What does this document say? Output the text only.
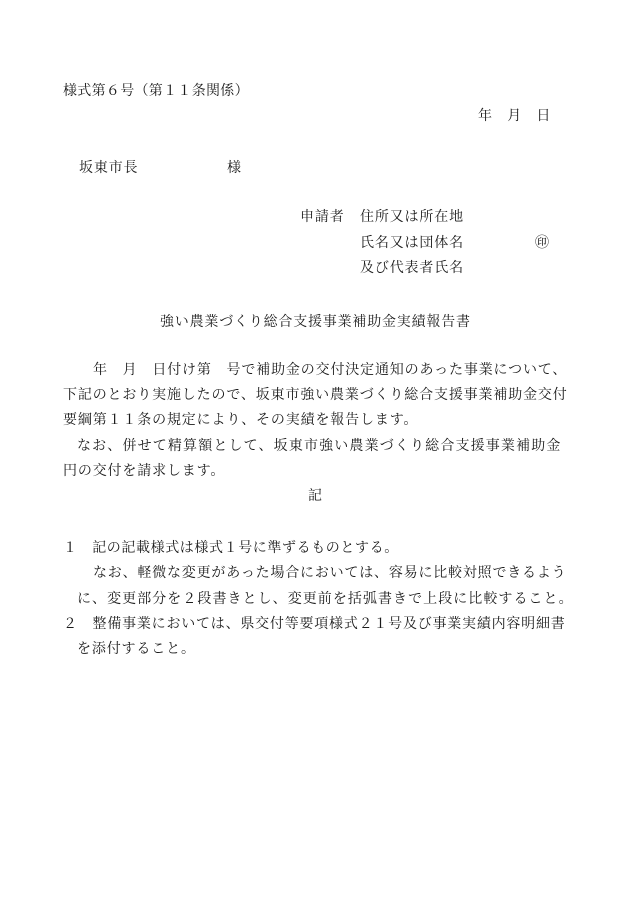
様式第６号（第１１条関係）
年　月　日
坂東市長	様
申請者 住所又は所在地
氏名又は団体名	㊞
及び代表者氏名
強い農業づくり総合支援事業補助金実績報告書
年　月　日付け第　号で補助金の交付決定通知のあった事業について、
下記のとおり実施したので、坂東市強い農業づくり総合支援事業補助金交付
要綱第１１条の規定により、その実績を報告します。
なお、併せて精算額として、坂東市強い農業づくり総合支援事業補助金
円の交付を請求します。
記
１　記の記載様式は様式１号に準ずるものとする。
なお、軽微な変更があった場合においては、容易に比較対照できるよう
に、変更部分を２段書きとし、変更前を括弧書きで上段に比較すること。
２　整備事業においては、県交付等要項様式２１号及び事業実績内容明細書
を添付すること。
